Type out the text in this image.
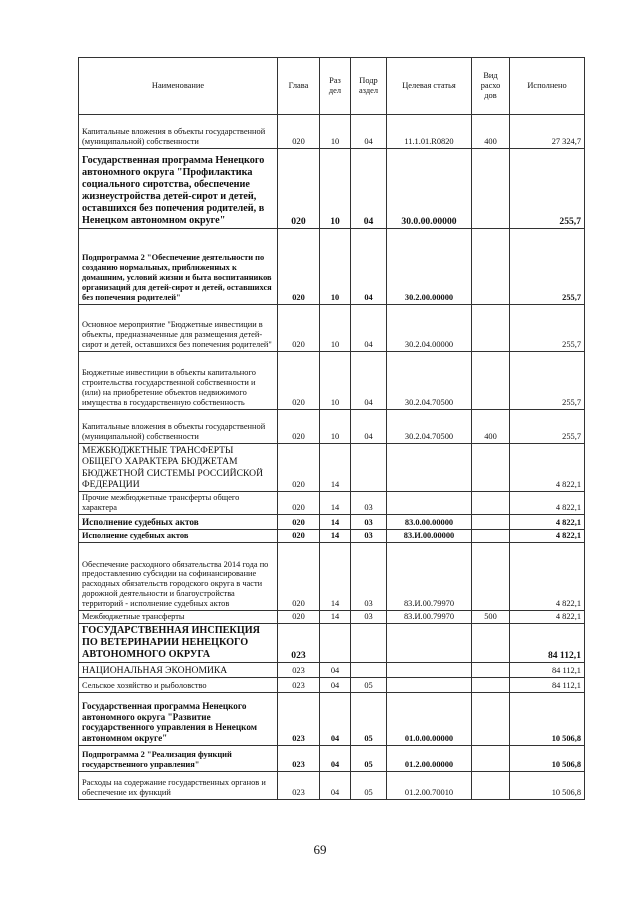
Наименование	Глава	Раз дел	Подр аздел	Целевая статья	Вид расхо дов	Исполнено
Капитальные вложения в объекты государственной (муниципальной) собственности	020	10	04	11.1.01.R0820	400	27 324,7
Государственная программа Ненецкого автономного округа "Профилактика социального сиротства, обеспечение жизнеустройства детей-сирот и детей, оставшихся без попечения родителей, в Ненецком автономном округе"	020	10	04	30.0.00.00000		255,7
Подпрограмма 2 "Обеспечение деятельности по созданию нормальных, приближенных к домашним, условий жизни и быта воспитанников организаций для детей-сирот и детей, оставшихся без попечения родителей"	020	10	04	30.2.00.00000		255,7
Основное мероприятие "Бюджетные инвестиции в объекты, предназначенные для размещения детей-сирот и детей, оставшихся без попечения родителей"	020	10	04	30.2.04.00000		255,7
Бюджетные инвестиции в объекты капитального строительства государственной собственности и (или) на приобретение объектов недвижимого имущества в государственную собственность	020	10	04	30.2.04.70500		255,7
Капитальные вложения в объекты государственной (муниципальной) собственности	020	10	04	30.2.04.70500	400	255,7
МЕЖБЮДЖЕТНЫЕ ТРАНСФЕРТЫ ОБЩЕГО ХАРАКТЕРА БЮДЖЕТАМ БЮДЖЕТНОЙ СИСТЕМЫ РОССИЙСКОЙ ФЕДЕРАЦИИ	020	14				4 822,1
Прочие межбюджетные трансферты общего характера	020	14	03			4 822,1
Исполнение судебных актов	020	14	03	83.0.00.00000		4 822,1
Исполнение судебных актов	020	14	03	83.И.00.00000		4 822,1
Обеспечение расходного обязательства 2014 года по предоставлению субсидии на софинансирование расходных обязательств городского округа в части дорожной деятельности и благоустройства территорий - исполнение судебных актов	020	14	03	83.И.00.79970		4 822,1
Межбюджетные трансферты	020	14	03	83.И.00.79970	500	4 822,1
ГОСУДАРСТВЕННАЯ ИНСПЕКЦИЯ ПО ВЕТЕРИНАРИИ НЕНЕЦКОГО АВТОНОМНОГО ОКРУГА	023					84 112,1
НАЦИОНАЛЬНАЯ ЭКОНОМИКА	023	04				84 112,1
Сельское хозяйство и рыболовство	023	04	05			84 112,1
Государственная программа Ненецкого автономного округа "Развитие государственного управления в Ненецком автономном округе"	023	04	05	01.0.00.00000		10 506,8
Подпрограмма 2 "Реализация функций государственного управления"	023	04	05	01.2.00.00000		10 506,8
Расходы на содержание государственных органов и обеспечение их функций	023	04	05	01.2.00.70010		10 506,8
69
